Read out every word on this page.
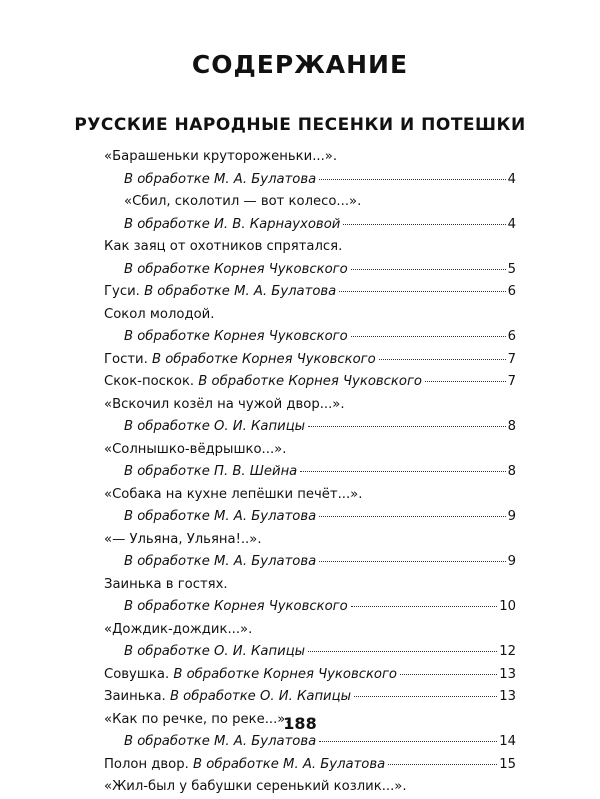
СОДЕРЖАНИЕ
РУССКИЕ НАРОДНЫЕ ПЕСЕНКИ И ПОТЕШКИ
«Барашеньки крутороженьки...».
В обработке М. А. Булатова	4
«Сбил, сколотил — вот колесо...».
В обработке И. В. Карнауховой	4
Как заяц от охотников спрятался.
В обработке Корнея Чуковского	5
Гуси. В обработке М. А. Булатова	6
Сокол молодой.
В обработке Корнея Чуковского	6
Гости. В обработке Корнея Чуковского	7
Скок-поскок. В обработке Корнея Чуковского	7
«Вскочил козёл на чужой двор...».
В обработке О. И. Капицы	8
«Солнышко-вёдрышко...».
В обработке П. В. Шейна	8
«Собака на кухне лепёшки печёт...».
В обработке М. А. Булатова	9
«— Ульяна, Ульяна!..».
В обработке М. А. Булатова	9
Заинька в гостях.
В обработке Корнея Чуковского	10
«Дождик-дождик...».
В обработке О. И. Капицы	12
Совушка. В обработке Корнея Чуковского	13
Заинька. В обработке О. И. Капицы	13
«Как по речке, по реке...».
В обработке М. А. Булатова	14
Полон двор. В обработке М. А. Булатова	15
«Жил-был у бабушки серенький козлик...».
188
